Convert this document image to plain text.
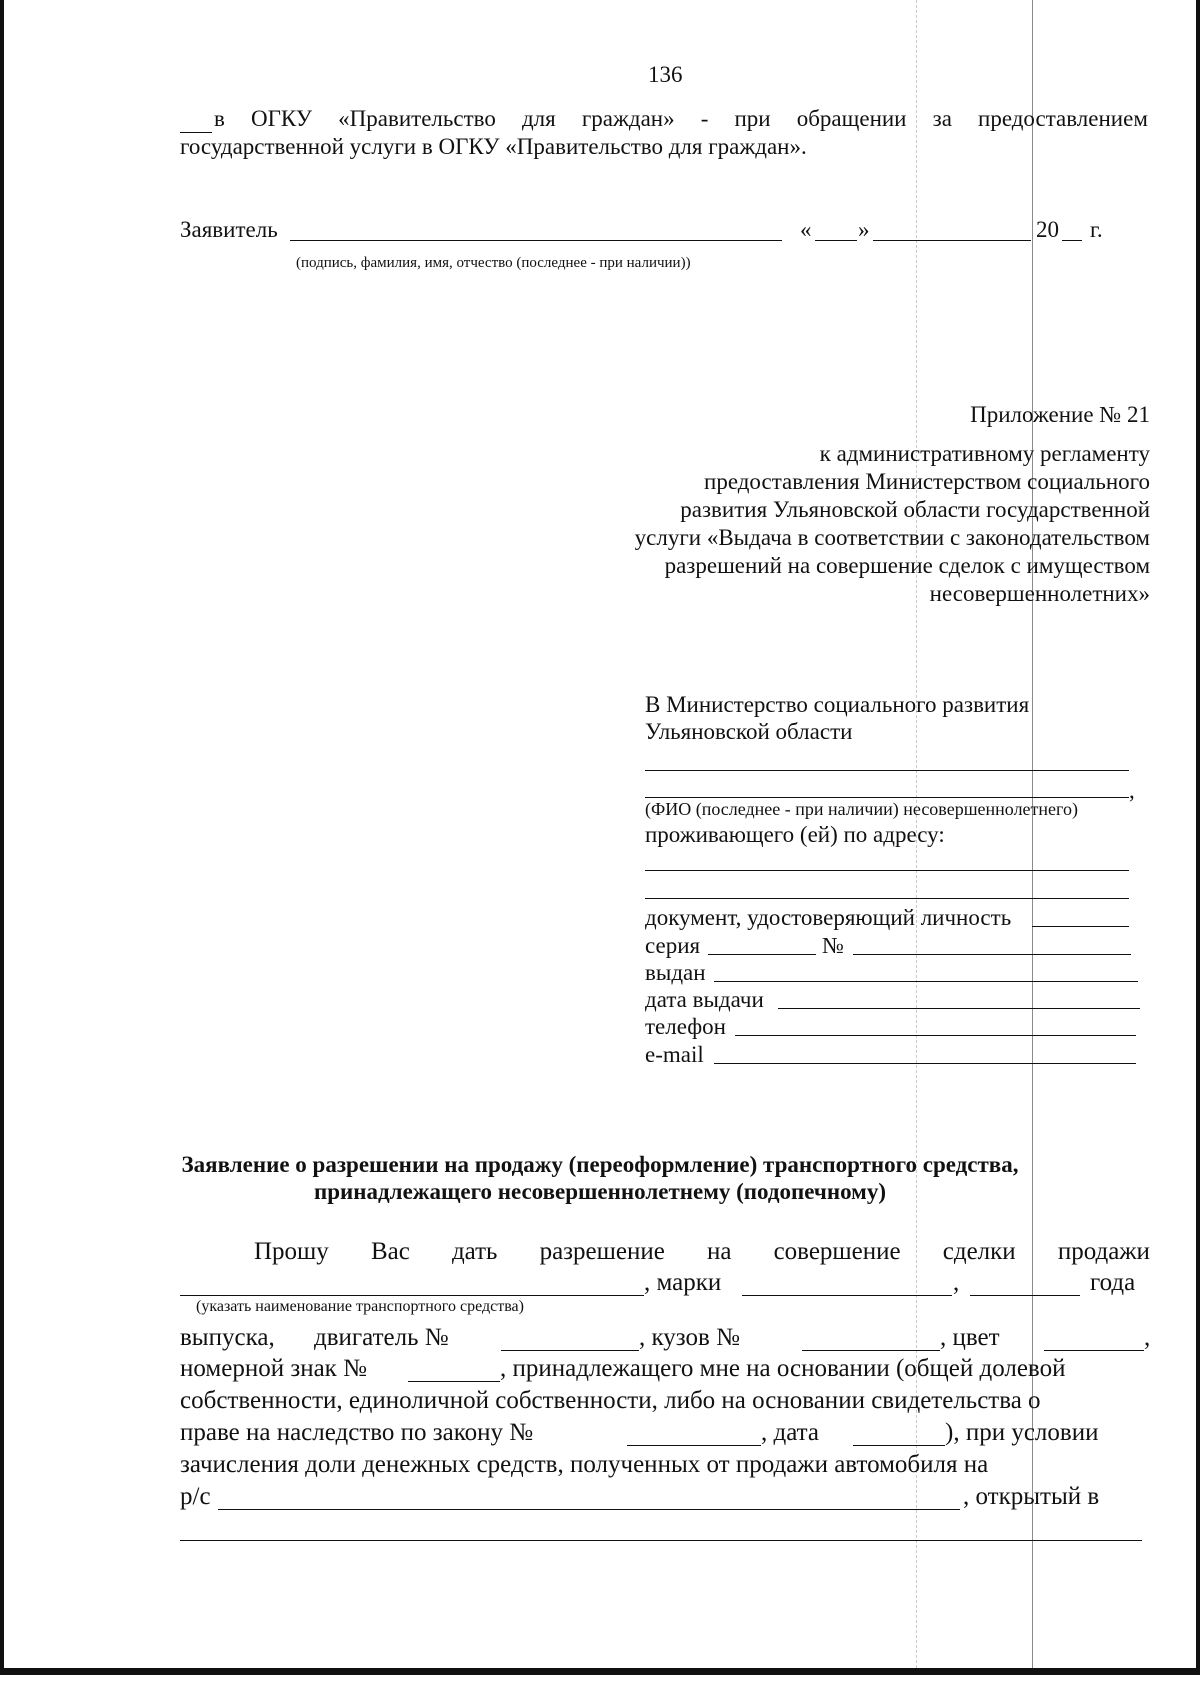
136
в ОГКУ «Правительство для граждан» - при обращении за предоставлением
государственной услуги в ОГКУ «Правительство для граждан».
Заявитель	« »	20 г.
(подпись, фамилия, имя, отчество (последнее - при наличии))
Приложение № 21
к административному регламенту
предоставления Министерством социального
развития Ульяновской области государственной
услуги «Выдача в соответствии с законодательством
разрешений на совершение сделок с имуществом
несовершеннолетних»
В Министерство социального развития
Ульяновской области
,
(ФИО (последнее - при наличии) несовершеннолетнего)
проживающего (ей) по адресу:
документ, удостоверяющий личность
серия	№
выдан
дата выдачи
телефон
e-mail
Заявление о разрешении на продажу (переоформление) транспортного средства,
принадлежащего несовершеннолетнему (подопечному)
Прошу Вас дать разрешение на совершение сделки продажи
, марки	,	года
(указать наименование транспортного средства)
выпуска, двигатель №	, кузов №	, цвет	,
номерной знак №	, принадлежащего мне на основании (общей долевой
собственности, единоличной собственности, либо на основании свидетельства о
праве на наследство по закону №	, дата	), при условии
зачисления доли денежных средств, полученных от продажи автомобиля на
р/с	, открытый в
